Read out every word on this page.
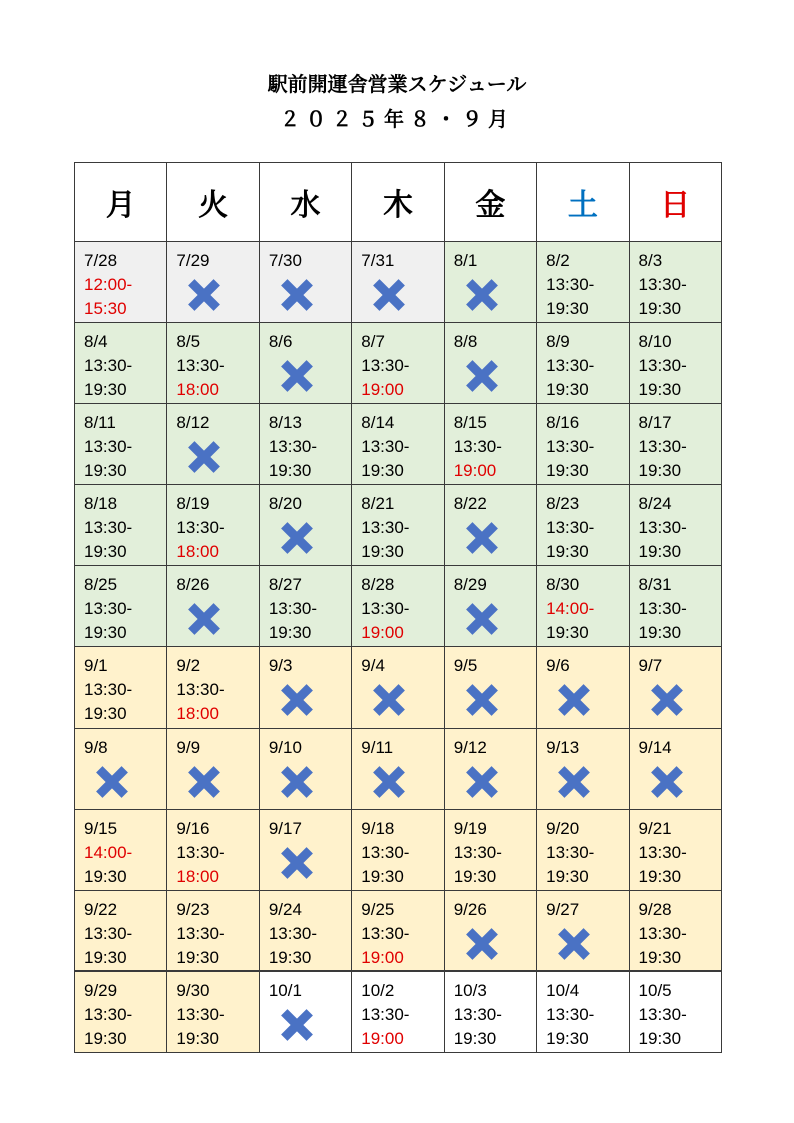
駅前開運舎営業スケジュール
２０２５年８・９月
月	火	水	木	金	土	日

7/28
12:00-
15:30	7/29	7/30	7/31	8/1	8/2
13:30-
19:30	8/3
13:30-
19:30

8/4
13:30-
19:30	8/5
13:30-
18:00	8/6	8/7
13:30-
19:00	8/8	8/9
13:30-
19:30	8/10
13:30-
19:30

8/11
13:30-
19:30	8/12	8/13
13:30-
19:30	8/14
13:30-
19:30	8/15
13:30-
19:00	8/16
13:30-
19:30	8/17
13:30-
19:30

8/18
13:30-
19:30	8/19
13:30-
18:00	8/20	8/21
13:30-
19:30	8/22	8/23
13:30-
19:30	8/24
13:30-
19:30

8/25
13:30-
19:30	8/26	8/27
13:30-
19:30	8/28
13:30-
19:00	8/29	8/30
14:00-
19:30	8/31
13:30-
19:30

9/1
13:30-
19:30	9/2
13:30-
18:00	9/3	9/4	9/5	9/6	9/7

9/8	9/9	9/10	9/11	9/12	9/13	9/14

9/15
14:00-
19:30	9/16
13:30-
18:00	9/17	9/18
13:30-
19:30	9/19
13:30-
19:30	9/20
13:30-
19:30	9/21
13:30-
19:30

9/22
13:30-
19:30	9/23
13:30-
19:30	9/24
13:30-
19:30	9/25
13:30-
19:00	9/26	9/27	9/28
13:30-
19:30

9/29
13:30-
19:30	9/30
13:30-
19:30	10/1	10/2
13:30-
19:00	10/3
13:30-
19:30	10/4
13:30-
19:30	10/5
13:30-
19:30
